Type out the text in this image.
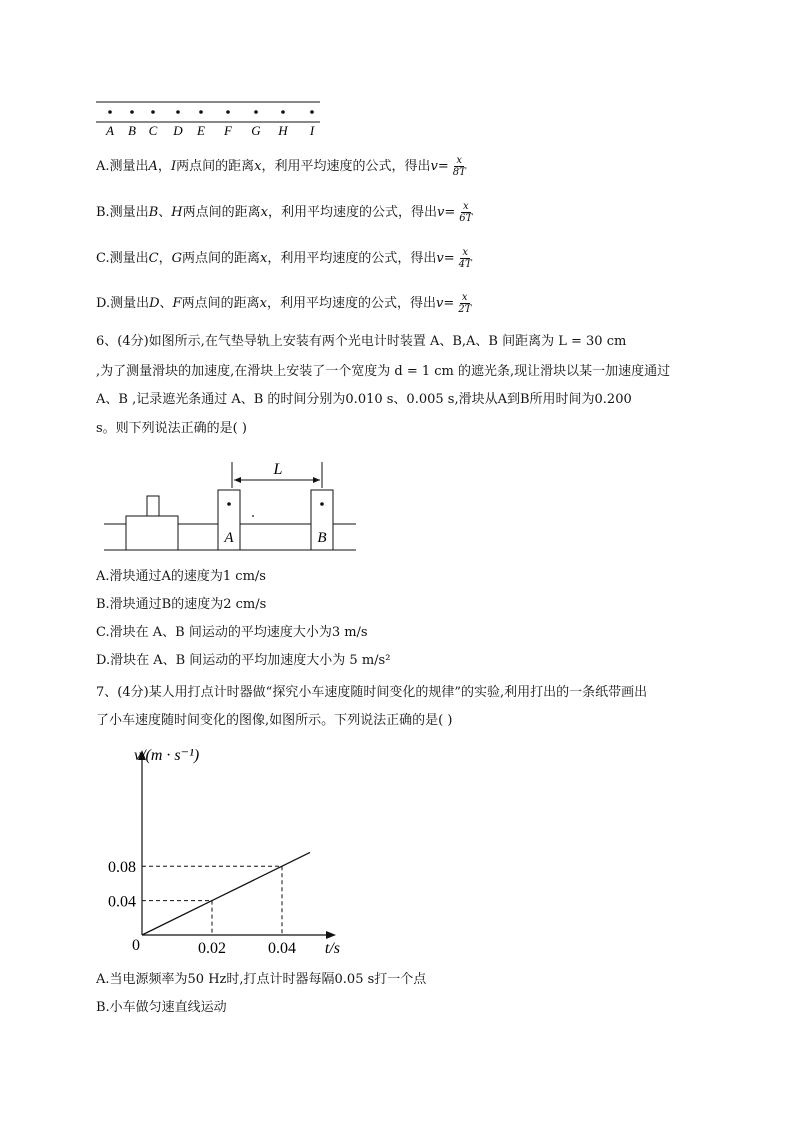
A B C D E F G H I
A.测量出A，I两点间的距离x，利用平均速度的公式，得出$v= \frac{x}{8T}$
B.测量出B、H两点间的距离x，利用平均速度的公式，得出$v= \frac{x}{6T}$
C.测量出C，G两点间的距离x，利用平均速度的公式，得出$v= \frac{x}{4T}$
D.测量出D、F两点间的距离x，利用平均速度的公式，得出$v= \frac{x}{2T}$
6、(4分)如图所示,在气垫导轨上安装有两个光电计时装置 A、B,A、B 间距离为 L = 30 cm
,为了测量滑块的加速度,在滑块上安装了一个宽度为 d = 1 cm 的遮光条,现让滑块以某一加速度通过
A、B ,记录遮光条通过 A、B 的时间分别为0.010 s、0.005 s,滑块从A到B所用时间为0.200
s。则下列说法正确的是( )
L
A	B
A.滑块通过A的速度为1 cm/s
B.滑块通过B的速度为2 cm/s
C.滑块在 A、B 间运动的平均速度大小为3 m/s
D.滑块在 A、B 间运动的平均加速度大小为 5 m/s²
7、(4分)某人用打点计时器做“探究小车速度随时间变化的规律”的实验,利用打出的一条纸带画出
了小车速度随时间变化的图像,如图所示。下列说法正确的是( )
v/(m · s⁻¹)
t/s
0	0.02	0.04
0.04
0.08
A.当电源频率为50 Hz时,打点计时器每隔0.05 s打一个点
B.小车做匀速直线运动
